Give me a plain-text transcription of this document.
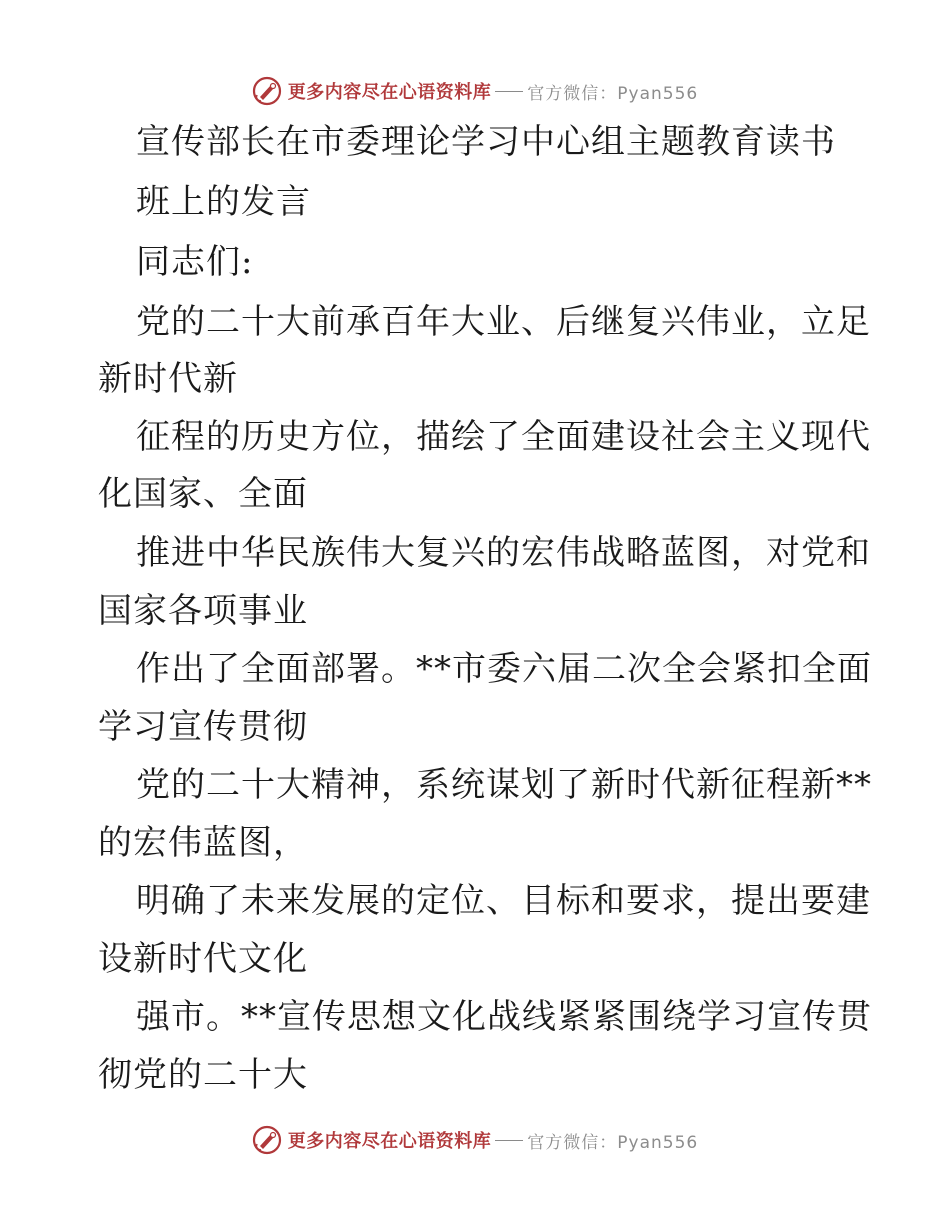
更多内容尽在心语资料库 官方微信：Pyan556
宣传部长在市委理论学习中心组主题教育读书
班上的发言
同志们:
党的二十大前承百年大业、后继复兴伟业，立足
新时代新
征程的历史方位，描绘了全面建设社会主义现代
化国家、全面
推进中华民族伟大复兴的宏伟战略蓝图，对党和
国家各项事业
作出了全面部署。**市委六届二次全会紧扣全面
学习宣传贯彻
党的二十大精神，系统谋划了新时代新征程新**
的宏伟蓝图，
明确了未来发展的定位、目标和要求，提出要建
设新时代文化
强市。**宣传思想文化战线紧紧围绕学习宣传贯
彻党的二十大
更多内容尽在心语资料库 官方微信：Pyan556
